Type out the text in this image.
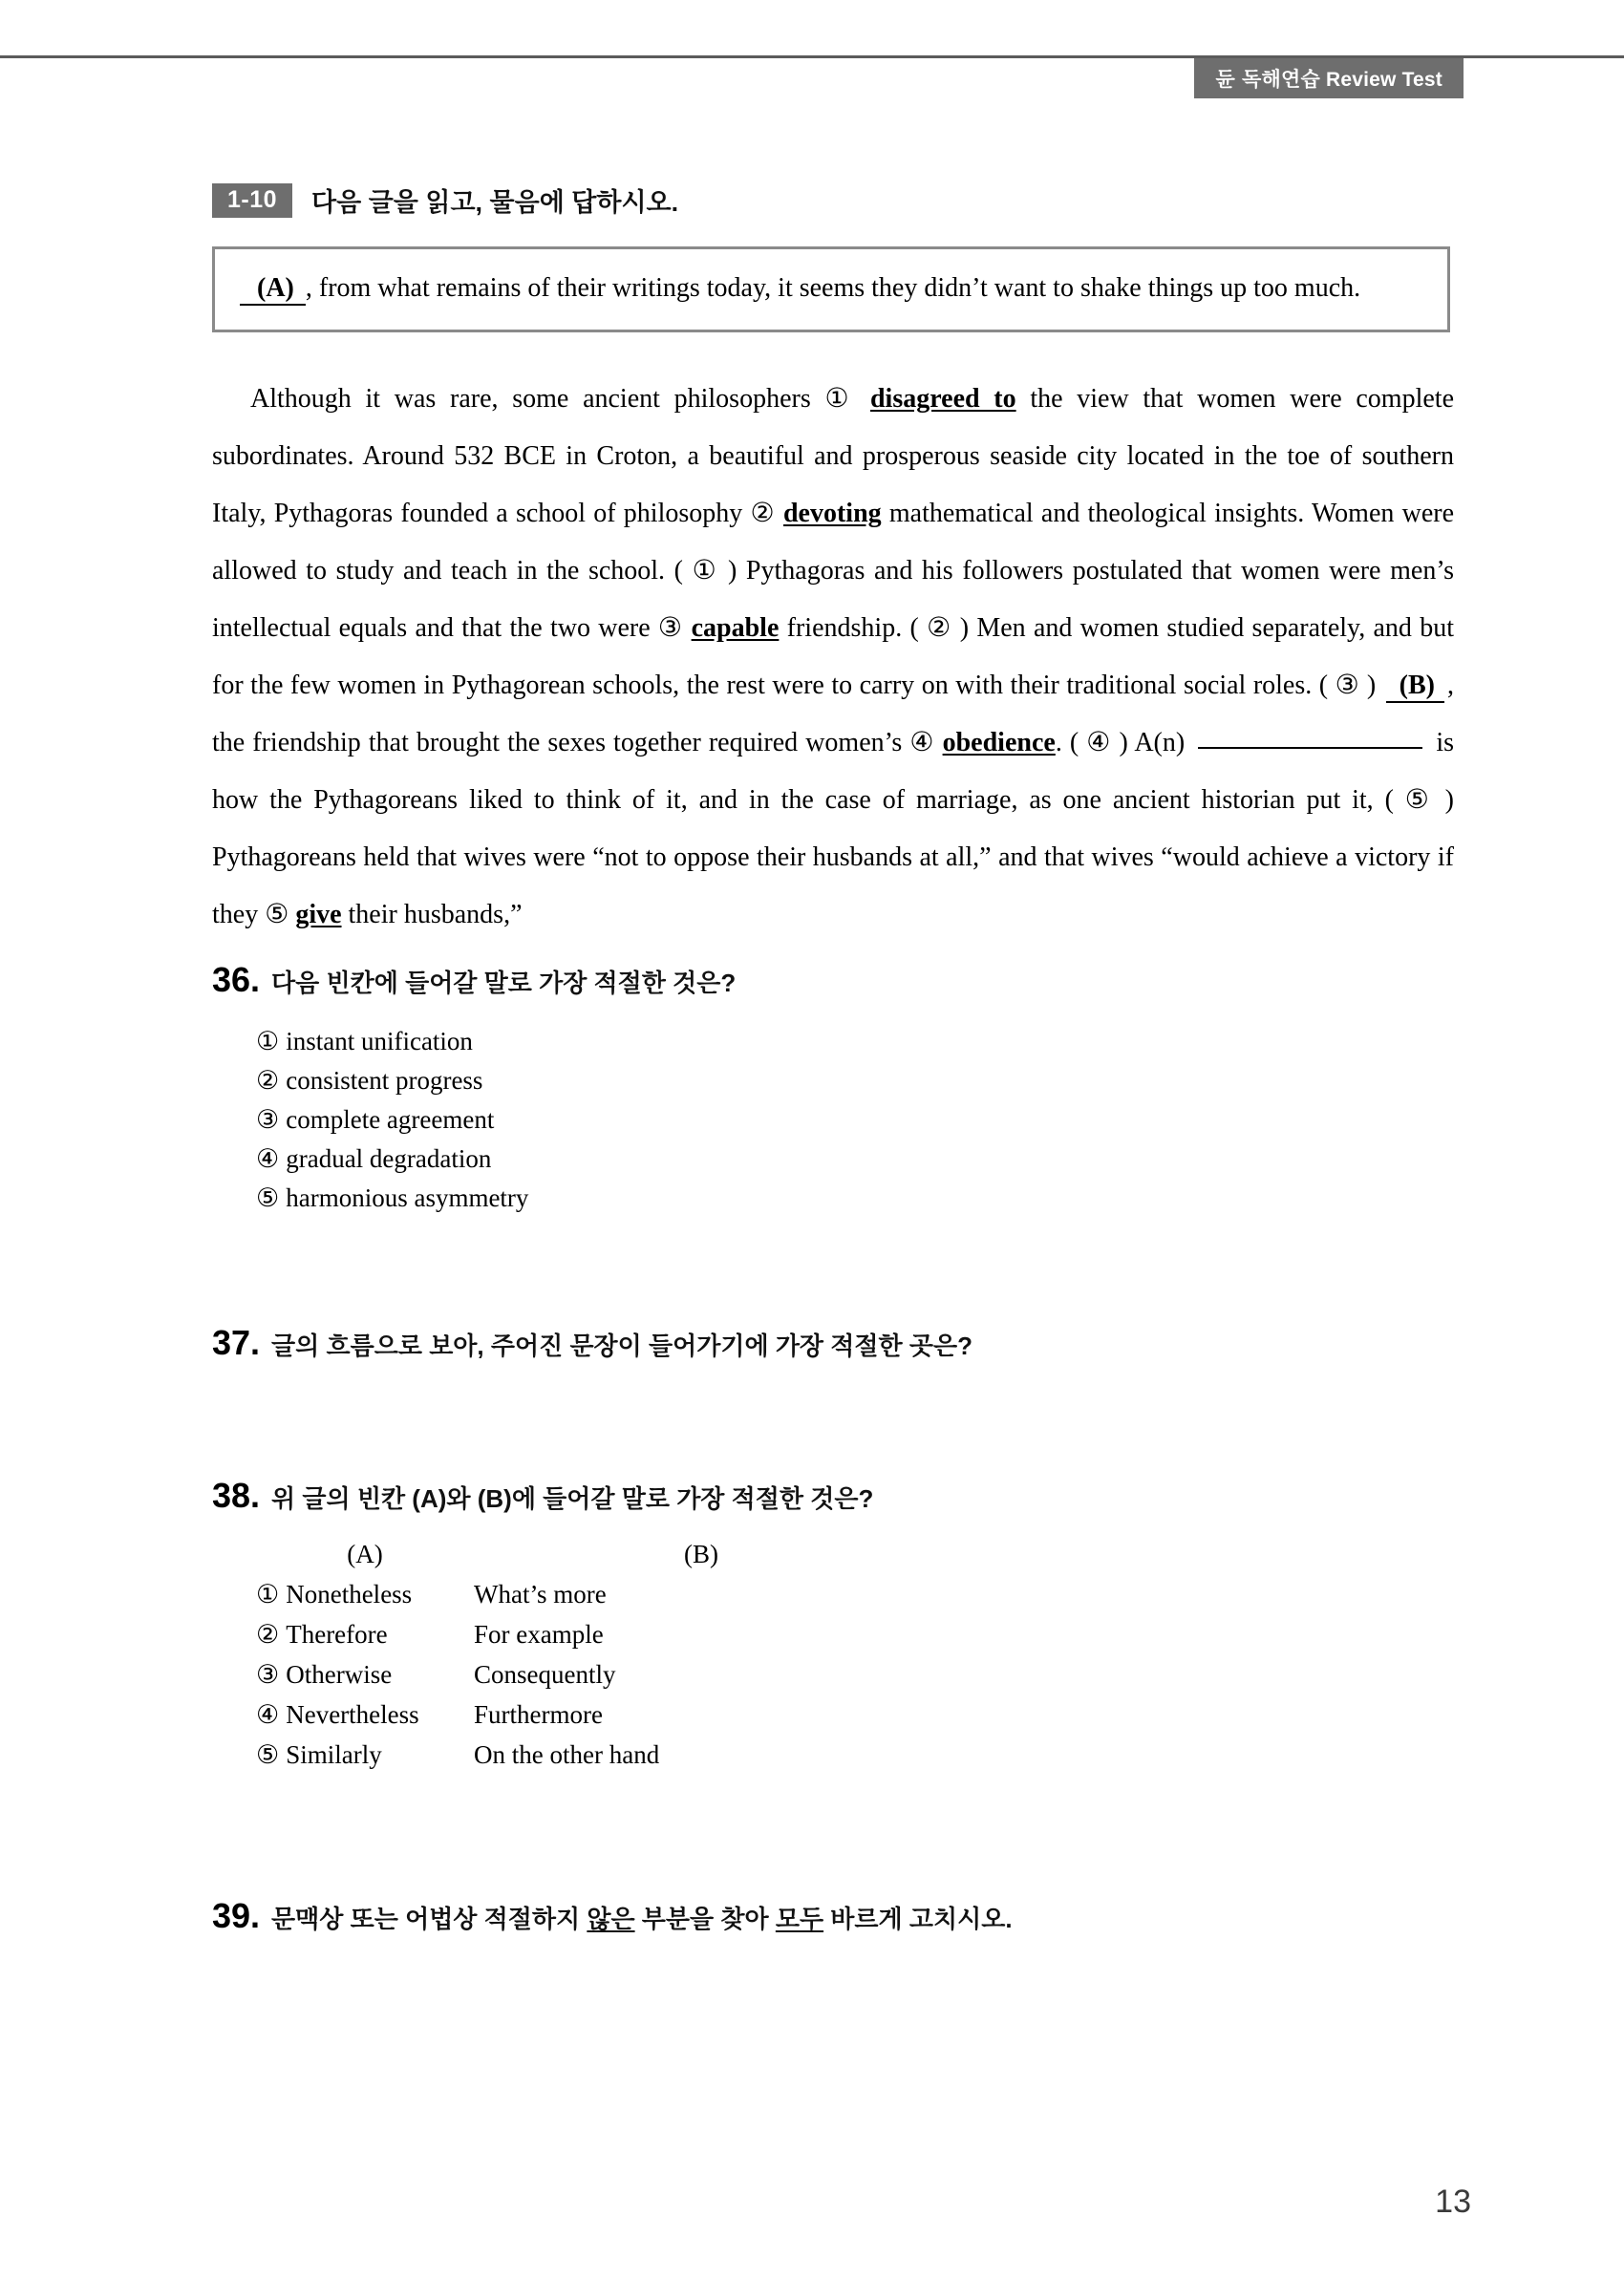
듄 독해연습 Review Test
1-10	다음 글을 읽고, 물음에 답하시오.
(A) , from what remains of their writings today, it seems they didn’t want to shake things up too much.
Although it was rare, some ancient philosophers ① disagreed to the view that women were complete subordinates. Around 532 BCE in Croton, a beautiful and prosperous seaside city located in the toe of southern Italy, Pythagoras founded a school of philosophy ② devoting mathematical and theological insights. Women were allowed to study and teach in the school. ( ① ) Pythagoras and his followers postulated that women were men’s intellectual equals and that the two were ③ capable friendship. ( ② ) Men and women studied separately, and but for the few women in Pythagorean schools, the rest were to carry on with their traditional social roles. ( ③ ) (B) , the friendship that brought the sexes together required women’s ④ obedience. ( ④ ) A(n)	is how the Pythagoreans liked to think of it, and in the case of marriage, as one ancient historian put it, ( ⑤ ) Pythagoreans held that wives were “not to oppose their husbands at all,” and that wives “would achieve a victory if they ⑤ give their husbands,”
36. 다음 빈칸에 들어갈 말로 가장 적절한 것은?
① instant unification
② consistent progress
③ complete agreement
④ gradual degradation
⑤ harmonious asymmetry
37. 글의 흐름으로 보아, 주어진 문장이 들어가기에 가장 적절한 곳은?
38. 위 글의 빈칸 (A)와 (B)에 들어갈 말로 가장 적절한 것은?
(A)	(B)
① Nonetheless	What’s more
② Therefore	For example
③ Otherwise	Consequently
④ Nevertheless	Furthermore
⑤ Similarly	On the other hand
39. 문맥상 또는 어법상 적절하지 않은 부분을 찾아 모두 바르게 고치시오.
13
